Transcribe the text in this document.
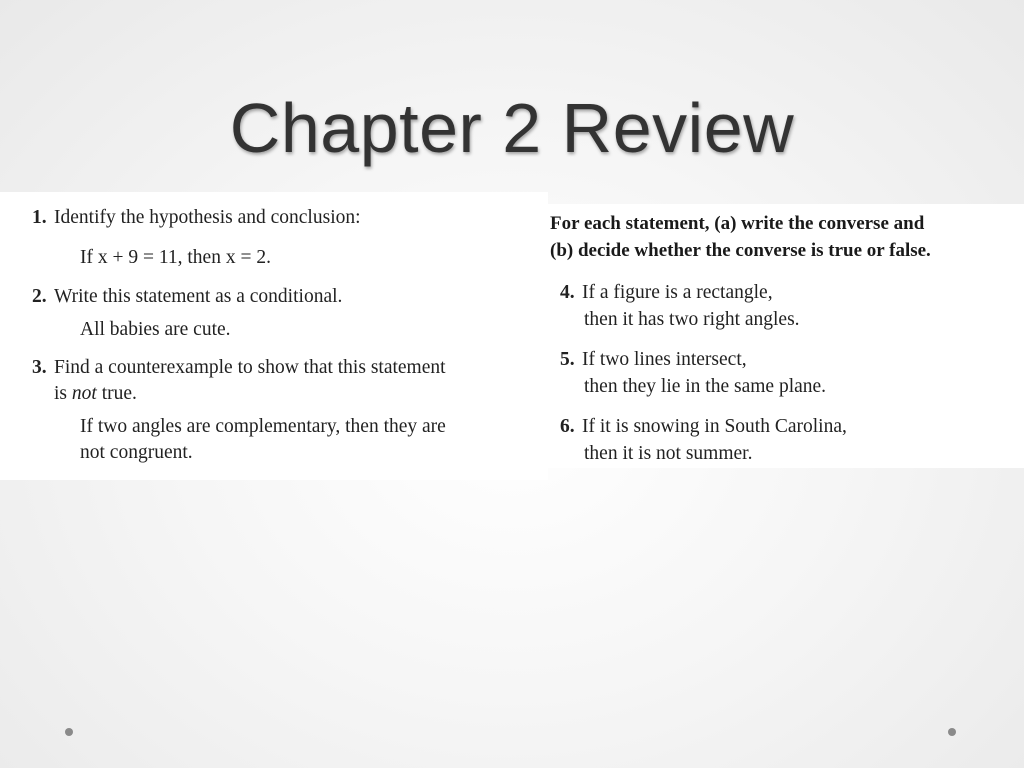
Chapter 2 Review
1. Identify the hypothesis and conclusion:
If x + 9 = 11, then x = 2.
2. Write this statement as a conditional.
All babies are cute.
3. Find a counterexample to show that this statement
is not true.
If two angles are complementary, then they are
not congruent.
For each statement, (a) write the converse and
(b) decide whether the converse is true or false.
4. If a figure is a rectangle,
then it has two right angles.
5. If two lines intersect,
then they lie in the same plane.
6. If it is snowing in South Carolina,
then it is not summer.
